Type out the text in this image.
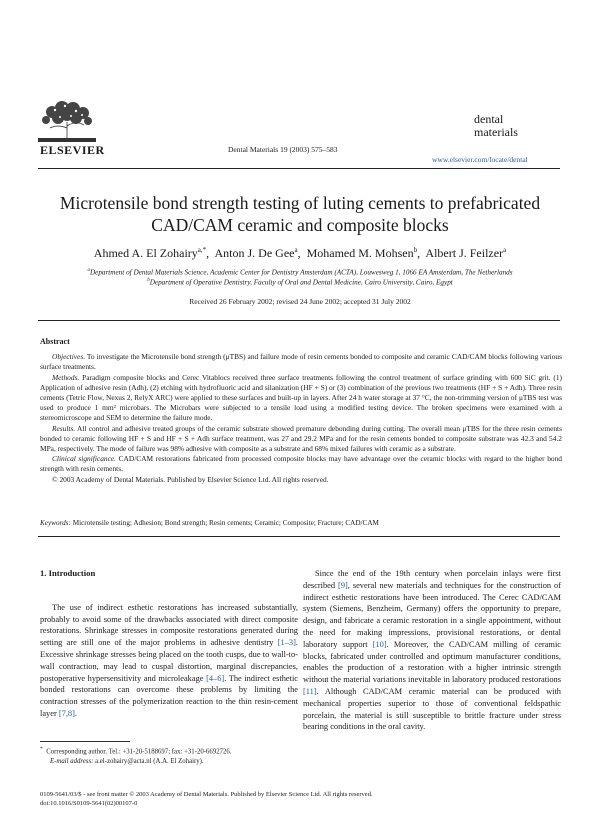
ELSEVIER	Dental Materials 19 (2003) 575–583
dental
materials
www.elsevier.com/locate/dental
Microtensile bond strength testing of luting cements to prefabricated
CAD/CAM ceramic and composite blocks
Ahmed A. El Zohairy$^{a,*}$,  Anton J. De Gee$^a$,  Mohamed M. Mohsen$^b$,  Albert J. Feilzer$^a$
$^a$Department of Dental Materials Science, Academic Center for Dentistry Amsterdam (ACTA), Louwesweg 1, 1066 EA Amsterdam, The Netherlands
$^b$Department of Operative Dentistry, Faculty of Oral and Dental Medicine, Cairo University, Cairo, Egypt
Received 26 February 2002; revised 24 June 2002; accepted 31 July 2002
Abstract

Objectives. To investigate the Microtensile bond strength (μTBS) and failure mode of resin cements bonded to composite and ceramic CAD/CAM blocks following various surface treatments.

Methods. Paradigm composite blocks and Cerec Vitablocs received three surface treatments following the control treatment of surface grinding with 600 SiC grit. (1) Application of adhesive resin (Adh), (2) etching with hydrofluoric acid and silanization (HF + S) or (3) combination of the previous two treatments (HF + S + Adh). Three resin cements (Tetric Flow, Nexus 2, RelyX ARC) were applied to these surfaces and built-up in layers. After 24 h water storage at 37 °C, the non-trimming version of μTBS test was used to produce 1 mm² microbars. The Microbars were subjected to a tensile load using a modified testing device. The broken specimens were examined with a stereomicroscope and SEM to determine the failure mode.

Results. All control and adhesive treated groups of the ceramic substrate showed premature debonding during cutting. The overall mean μTBS for the three resin cements bonded to ceramic following HF + S and HF + S + Adh surface treatment, was 27 and 29.2 MPa and for the resin cements bonded to composite substrate was 42.3 and 54.2 MPa, respectively. The mode of failure was 98% adhesive with composite as a substrate and 68% mixed failures with ceramic as a substrate.

Clinical significance. CAD/CAM restorations fabricated from processed composite blocks may have advantage over the ceramic blocks with regard to the higher bond strength with resin cements.

© 2003 Academy of Dental Materials. Published by Elsevier Science Ltd. All rights reserved.

Keywords: Microtensile testing; Adhesion; Bond strength; Resin cements; Ceramic; Composite; Fracture; CAD/CAM
1. Introduction

The use of indirect esthetic restorations has increased substantially, probably to avoid some of the drawbacks associated with direct composite restorations. Shrinkage stresses in composite restorations generated during setting are still one of the major problems in adhesive dentistry [1–3]. Excessive shrinkage stresses being placed on the tooth cusps, due to wall-to-wall contraction, may lead to cuspal distortion, marginal discrepancies, postoperative hypersensitivity and microleakage [4–6]. The indirect esthetic bonded restorations can overcome these problems by limiting the contraction stresses of the polymerization reaction to the thin resin-cement layer [7,8].

Since the end of the 19th century when porcelain inlays were first described [9], several new materials and techniques for the construction of indirect esthetic restorations have been introduced. The Cerec CAD/CAM system (Siemens, Benzheim, Germany) offers the opportunity to prepare, design, and fabricate a ceramic restoration in a single appointment, without the need for making impressions, provisional restorations, or dental laboratory support [10]. Moreover, the CAD/CAM milling of ceramic blocks, fabricated under controlled and optimum manufacturer conditions, enables the production of a restoration with a higher intrinsic strength without the material variations inevitable in laboratory produced restorations [11]. Although CAD/CAM ceramic material can be produced with mechanical properties superior to those of conventional feldspathic porcelain, the material is still susceptible to brittle fracture under stress bearing conditions in the oral cavity.

* Corresponding author. Tel.: +31-20-5188697; fax: +31-20-6692726.
E-mail address: a.el-zohairy@acta.nl (A.A. El Zohairy).
0109-5641/03/$ - see front matter © 2003 Academy of Dental Materials. Published by Elsevier Science Ltd. All rights reserved.
doi:10.1016/S0109-5641(02)00107-0
